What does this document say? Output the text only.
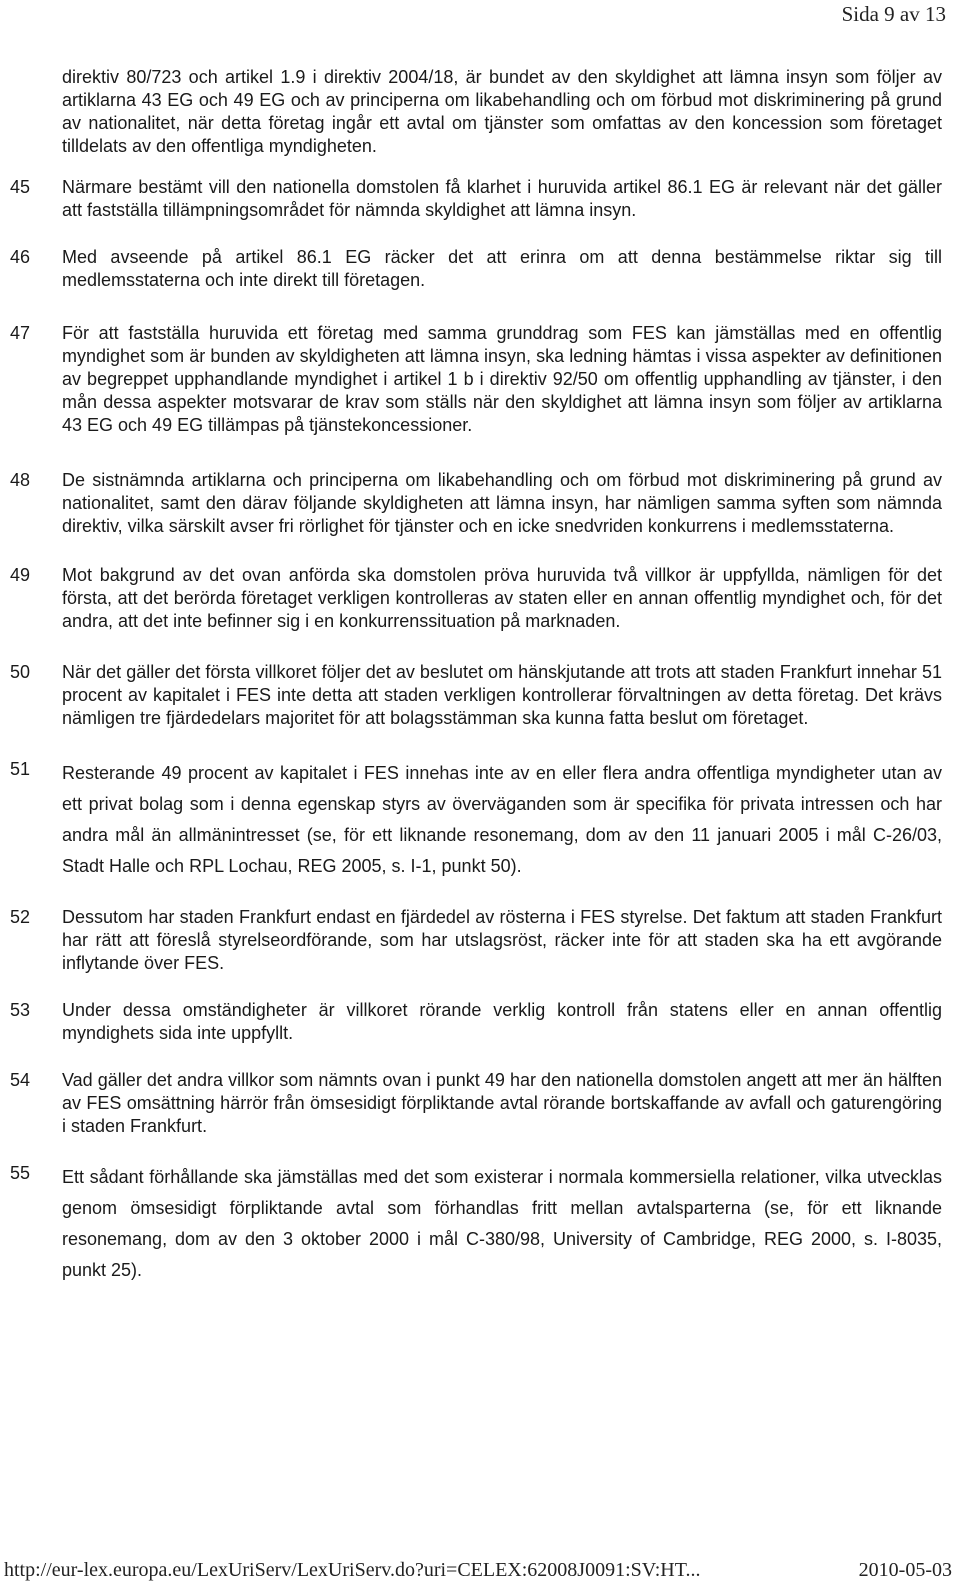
Sida 9 av 13

direktiv 80/723 och artikel 1.9 i direktiv 2004/18, är bundet av den skyldighet att lämna insyn som följer av artiklarna 43 EG och 49 EG och av principerna om likabehandling och om förbud mot diskriminering på grund av nationalitet, när detta företag ingår ett avtal om tjänster som omfattas av den koncession som företaget tilldelats av den offentliga myndigheten.

45	Närmare bestämt vill den nationella domstolen få klarhet i huruvida artikel 86.1 EG är relevant när det gäller att fastställa tillämpningsområdet för nämnda skyldighet att lämna insyn.

46	Med avseende på artikel 86.1 EG räcker det att erinra om att denna bestämmelse riktar sig till medlemsstaterna och inte direkt till företagen.

47	För att fastställa huruvida ett företag med samma grunddrag som FES kan jämställas med en offentlig myndighet som är bunden av skyldigheten att lämna insyn, ska ledning hämtas i vissa aspekter av definitionen av begreppet upphandlande myndighet i artikel 1 b i direktiv 92/50 om offentlig upphandling av tjänster, i den mån dessa aspekter motsvarar de krav som ställs när den skyldighet att lämna insyn som följer av artiklarna 43 EG och 49 EG tillämpas på tjänstekoncessioner.

48	De sistnämnda artiklarna och principerna om likabehandling och om förbud mot diskriminering på grund av nationalitet, samt den därav följande skyldigheten att lämna insyn, har nämligen samma syften som nämnda direktiv, vilka särskilt avser fri rörlighet för tjänster och en icke snedvriden konkurrens i medlemsstaterna.

49	Mot bakgrund av det ovan anförda ska domstolen pröva huruvida två villkor är uppfyllda, nämligen för det första, att det berörda företaget verkligen kontrolleras av staten eller en annan offentlig myndighet och, för det andra, att det inte befinner sig i en konkurrenssituation på marknaden.

50	När det gäller det första villkoret följer det av beslutet om hänskjutande att trots att staden Frankfurt innehar 51 procent av kapitalet i FES inte detta att staden verkligen kontrollerar förvaltningen av detta företag. Det krävs nämligen tre fjärdedelars majoritet för att bolagsstämman ska kunna fatta beslut om företaget.

51	Resterande 49 procent av kapitalet i FES innehas inte av en eller flera andra offentliga myndigheter utan av ett privat bolag som i denna egenskap styrs av överväganden som är specifika för privata intressen och har andra mål än allmänintresset (se, för ett liknande resonemang, dom av den 11 januari 2005 i mål C-26/03, Stadt Halle och RPL Lochau, REG 2005, s. I-1, punkt 50).

52	Dessutom har staden Frankfurt endast en fjärdedel av rösterna i FES styrelse. Det faktum att staden Frankfurt har rätt att föreslå styrelseordförande, som har utslagsröst, räcker inte för att staden ska ha ett avgörande inflytande över FES.

53	Under dessa omständigheter är villkoret rörande verklig kontroll från statens eller en annan offentlig myndighets sida inte uppfyllt.

54	Vad gäller det andra villkor som nämnts ovan i punkt 49 har den nationella domstolen angett att mer än hälften av FES omsättning härrör från ömsesidigt förpliktande avtal rörande bortskaffande av avfall och gaturengöring i staden Frankfurt.

55	Ett sådant förhållande ska jämställas med det som existerar i normala kommersiella relationer, vilka utvecklas genom ömsesidigt förpliktande avtal som förhandlas fritt mellan avtalsparterna (se, för ett liknande resonemang, dom av den 3 oktober 2000 i mål C-380/98, University of Cambridge, REG 2000, s. I-8035, punkt 25).

http://eur-lex.europa.eu/LexUriServ/LexUriServ.do?uri=CELEX:62008J0091:SV:HT...	2010-05-03
